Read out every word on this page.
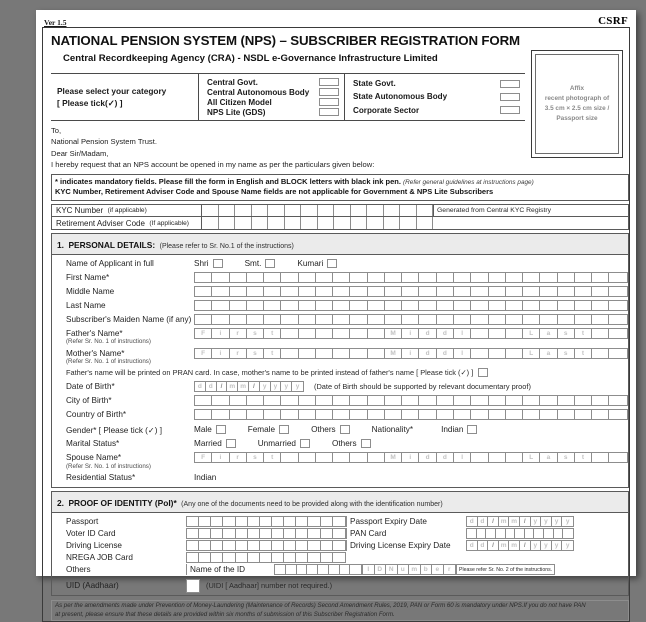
Ver 1.5	CSRF
NATIONAL PENSION SYSTEM (NPS) – SUBSCRIBER REGISTRATION FORM
Central Recordkeeping Agency (CRA) - NSDL e-Governance Infrastructure Limited
Affix
recent photograph of
3.5 cm × 2.5 cm size /
Passport size
Please select your category
[ Please tick(✓) ]
Central Govt.
Central Autonomous Body
All Citizen Model
NPS Lite (GDS)
State Govt.
State Autonomous Body
Corporate Sector
To,
National Pension System Trust.
Dear Sir/Madam,
I hereby request that an NPS account be opened in my name as per the particulars given below:
* indicates mandatory fields. Please fill the form in English and BLOCK letters with black ink pen. (Refer general guidelines at instructions page)
KYC Number, Retirement Adviser Code and Spouse Name fields are not applicable for Government & NPS Lite Subscribers
KYC Number
(if applicable)	Generated from Central KYC Registry
Retirement Adviser Code
(If applicable)
1. PERSONAL DETAILS: (Please refer to Sr. No.1 of the instructions)
Name of Applicant in full	Shri	Smt.	Kumari
First Name*
Middle Name
Last Name
Subscriber's Maiden Name (if any)
Father's Name*	F i r s t	M i d d l	L a s t
(Refer Sr. No. 1 of instructions)
Mother's Name*	F i r s t	M i d d l	L a s t
(Refer Sr. No. 1 of instructions)
Father's name will be printed on PRAN card. In case, mother's name to be printed instead of father's name [ Please tick (✓) ]
Date of Birth*	d d / m m / y y y y (Date of Birth should be supported by relevant documentary proof)
City of Birth*
Country of Birth*
Gender* [ Please tick (✓) ]	Male	Female	Others	Nationality*	Indian
Marital Status*	Married	Unmarried	Others
Spouse Name*	F i r s t	M i d d l	L a s t
(Refer Sr. No. 1 of instructions)
Residential Status*	Indian
2. PROOF OF IDENTITY (PoI)* (Any one of the documents need to be provided along with the identification number)
Passport	Passport Expiry Date	d d / m m / y y y y
Voter ID Card	PAN Card
Driving License	Driving License Expiry Date	d d / m m / y y y y
NREGA JOB Card
Others	Name of the ID	I D N u m b e r	Please refer Sr. No. 2 of the instructions.
UID (Aadhaar)	(UIDI [ Aadhaar] number not required.)
As per the amendments made under Prevention of Money-Laundering (Maintenance of Records) Second Amendment Rules, 2019, PAN or Form 60 is mandatory under NPS.If you do not have PAN
at present, please ensure that these details are provided within six months of submission of this Subscriber Registration Form.
